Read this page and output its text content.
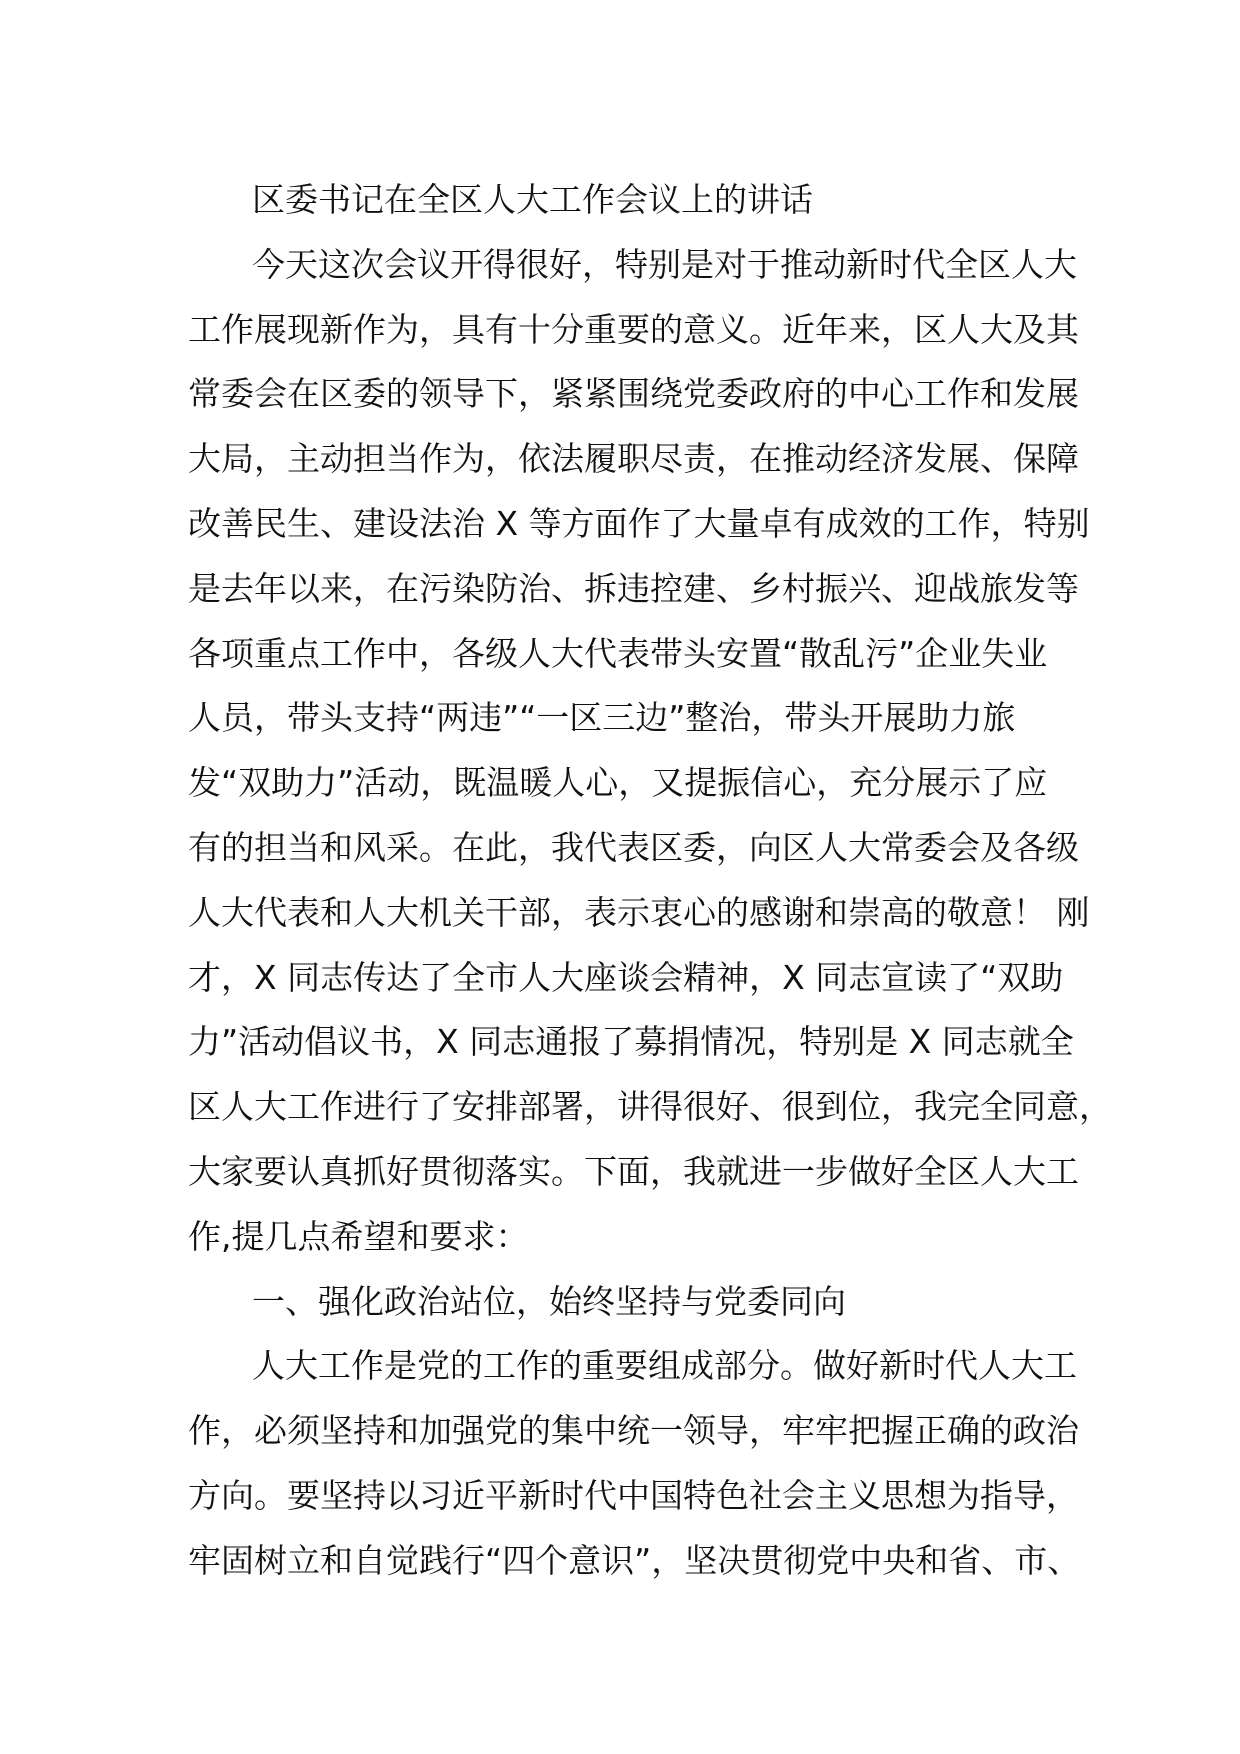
区委书记在全区人大工作会议上的讲话
今天这次会议开得很好，特别是对于推动新时代全区人大
工作展现新作为，具有十分重要的意义。近年来，区人大及其
常委会在区委的领导下，紧紧围绕党委政府的中心工作和发展
大局，主动担当作为，依法履职尽责，在推动经济发展、保障
改善民生、建设法治 X 等方面作了大量卓有成效的工作，特别
是去年以来，在污染防治、拆违控建、乡村振兴、迎战旅发等
各项重点工作中，各级人大代表带头安置“散乱污”企业失业
人员，带头支持“两违”“一区三边”整治，带头开展助力旅
发“双助力”活动，既温暖人心，又提振信心，充分展示了应
有的担当和风采。在此，我代表区委，向区人大常委会及各级
人大代表和人大机关干部，表示衷心的感谢和崇高的敬意！ 刚
才，X 同志传达了全市人大座谈会精神，X 同志宣读了“双助
力”活动倡议书，X 同志通报了募捐情况，特别是 X 同志就全
区人大工作进行了安排部署，讲得很好、很到位，我完全同意，
大家要认真抓好贯彻落实。下面，我就进一步做好全区人大工
作,提几点希望和要求：
一、强化政治站位，始终坚持与党委同向
人大工作是党的工作的重要组成部分。做好新时代人大工
作，必须坚持和加强党的集中统一领导，牢牢把握正确的政治
方向。要坚持以习近平新时代中国特色社会主义思想为指导，
牢固树立和自觉践行“四个意识”，坚决贯彻党中央和省、市、
